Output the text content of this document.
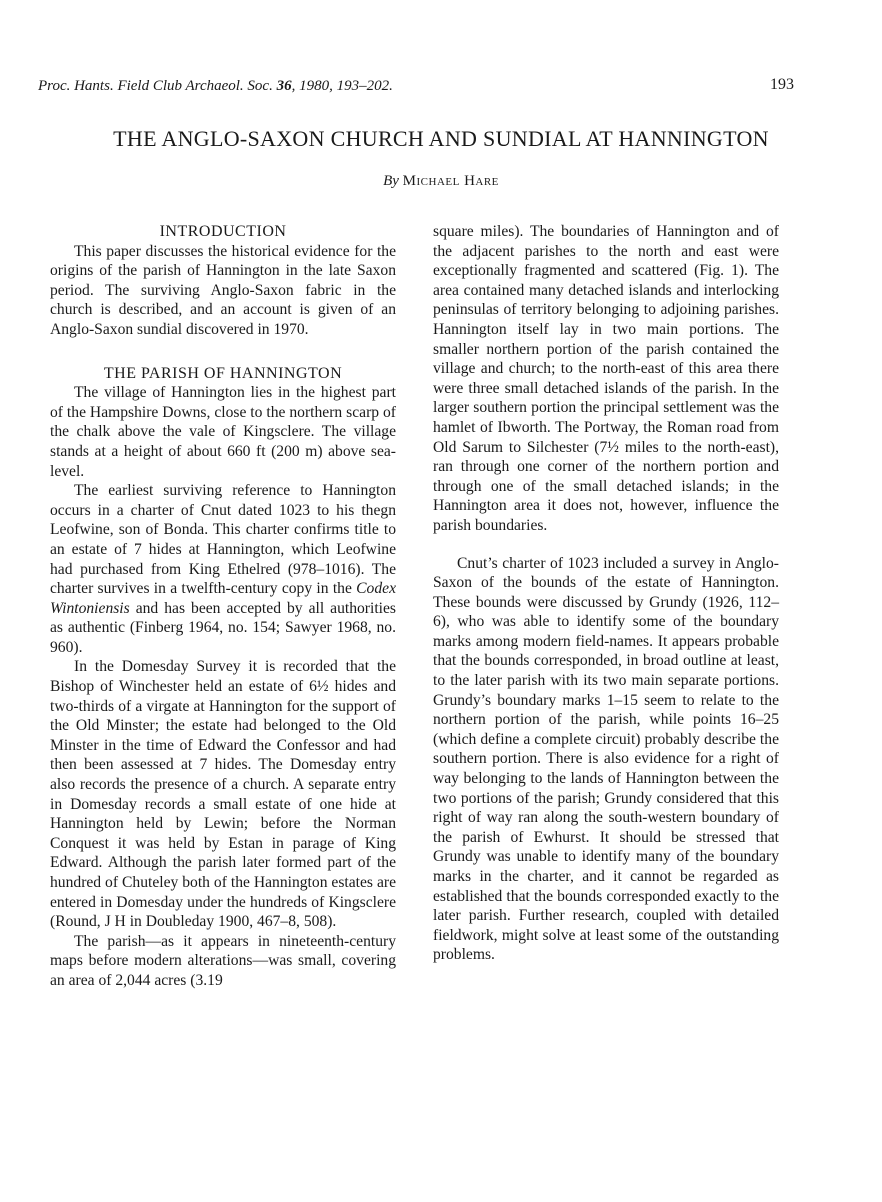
Proc. Hants. Field Club Archaeol. Soc. 36, 1980, 193–202.	193
THE ANGLO-SAXON CHURCH AND SUNDIAL AT HANNINGTON
By Michael Hare
INTRODUCTION

This paper discusses the historical evidence for the origins of the parish of Hannington in the late Saxon period. The surviving Anglo-Saxon fabric in the church is described, and an account is given of an Anglo-Saxon sundial discovered in 1970.

THE PARISH OF HANNINGTON

The village of Hannington lies in the highest part of the Hampshire Downs, close to the northern scarp of the chalk above the vale of Kingsclere. The village stands at a height of about 660 ft (200 m) above sea-level.

The earliest surviving reference to Hannington occurs in a charter of Cnut dated 1023 to his thegn Leofwine, son of Bonda. This charter confirms title to an estate of 7 hides at Hannington, which Leofwine had purchased from King Ethelred (978–1016). The charter survives in a twelfth-century copy in the Codex Wintoniensis and has been accepted by all authorities as authentic (Finberg 1964, no. 154; Sawyer 1968, no. 960).

In the Domesday Survey it is recorded that the Bishop of Winchester held an estate of 6½ hides and two-thirds of a virgate at Hannington for the support of the Old Minster; the estate had belonged to the Old Minster in the time of Edward the Confessor and had then been assessed at 7 hides. The Domesday entry also records the presence of a church. A separate entry in Domesday records a small estate of one hide at Hannington held by Lewin; before the Norman Conquest it was held by Estan in parage of King Edward. Although the parish later formed part of the hundred of Chuteley both of the Hannington estates are entered in Domesday under the hundreds of Kingsclere (Round, J H in Doubleday 1900, 467–8, 508).

The parish—as it appears in nineteenth-century maps before modern alterations—was small, covering an area of 2,044 acres (3.19

square miles). The boundaries of Hannington and of the adjacent parishes to the north and east were exceptionally fragmented and scattered (Fig. 1). The area contained many detached islands and interlocking peninsulas of territory belonging to adjoining parishes. Hannington itself lay in two main portions. The smaller northern portion of the parish contained the village and church; to the north-east of this area there were three small detached islands of the parish. In the larger southern portion the principal settlement was the hamlet of Ibworth. The Portway, the Roman road from Old Sarum to Silchester (7½ miles to the north-east), ran through one corner of the northern portion and through one of the small detached islands; in the Hannington area it does not, however, influence the parish boundaries.

Cnut’s charter of 1023 included a survey in Anglo-Saxon of the bounds of the estate of Hannington. These bounds were discussed by Grundy (1926, 112–6), who was able to identify some of the boundary marks among modern field-names. It appears probable that the bounds corresponded, in broad outline at least, to the later parish with its two main separate portions. Grundy’s boundary marks 1–15 seem to relate to the northern portion of the parish, while points 16–25 (which define a complete circuit) probably describe the southern portion. There is also evidence for a right of way belonging to the lands of Hannington between the two portions of the parish; Grundy considered that this right of way ran along the south-western boundary of the parish of Ewhurst. It should be stressed that Grundy was unable to identify many of the boundary marks in the charter, and it cannot be regarded as established that the bounds corresponded exactly to the later parish. Further research, coupled with detailed fieldwork, might solve at least some of the outstanding problems.
